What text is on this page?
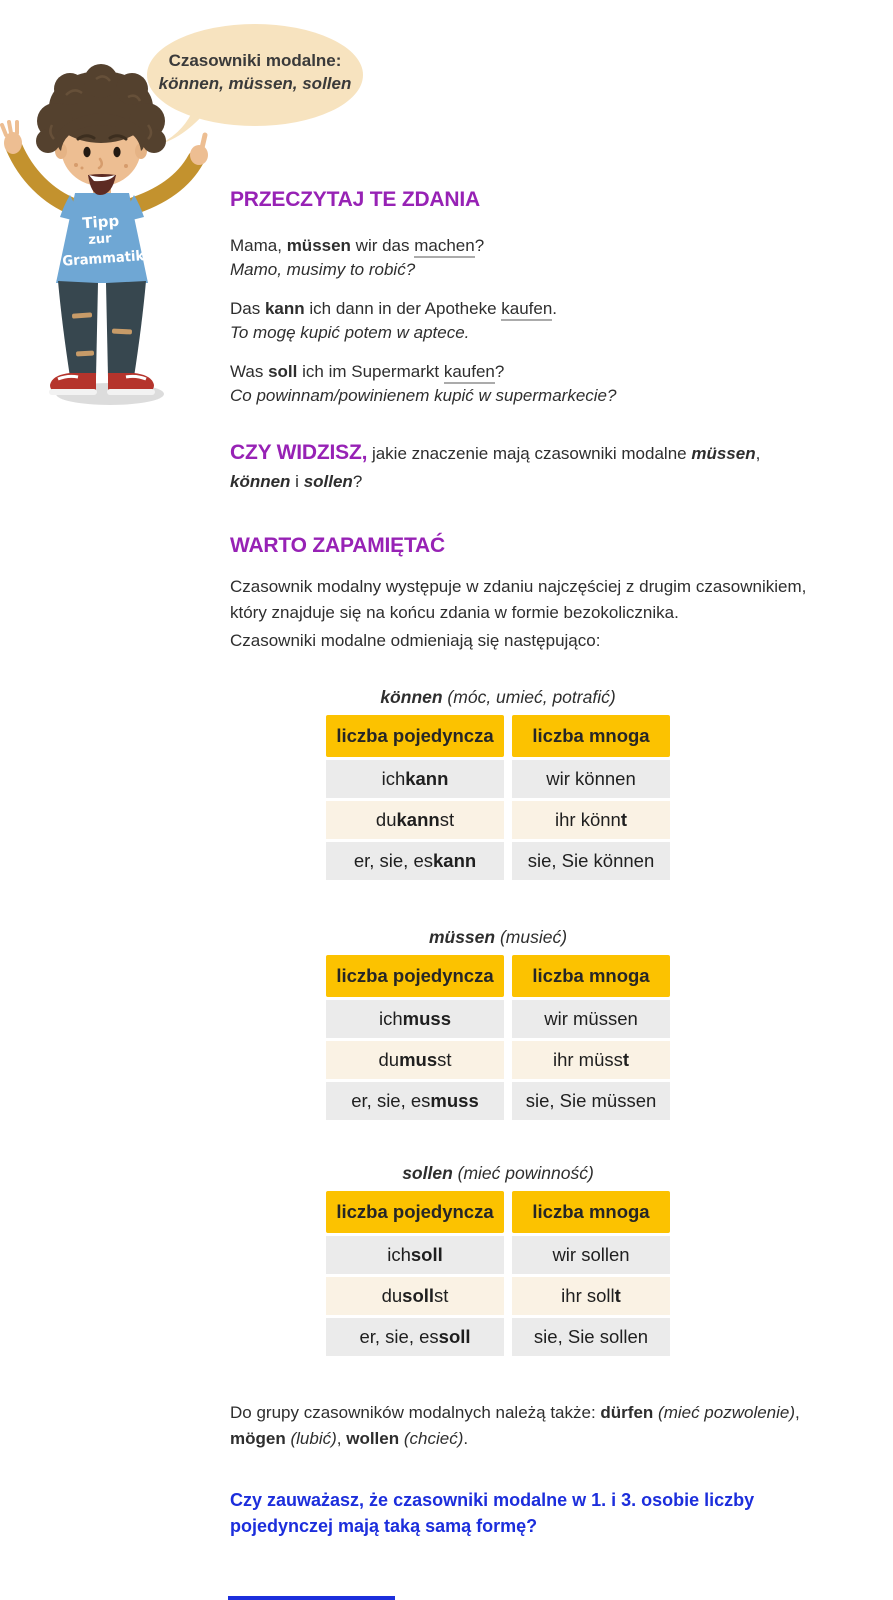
Czasowniki modalne:
können, müssen, sollen
Tipp
zur
Grammatik
PRZECZYTAJ TE ZDANIA
Mama, müssen wir das machen?
Mamo, musimy to robić?
Das kann ich dann in der Apotheke kaufen.
To mogę kupić potem w aptece.
Was soll ich im Supermarkt kaufen?
Co powinnam/powinienem kupić w supermarkecie?
CZY WIDZISZ, jakie znaczenie mają czasowniki modalne müssen,
können i sollen?
WARTO ZAPAMIĘTAĆ
Czasownik modalny występuje w zdaniu najczęściej z drugim czasownikiem,
który znajduje się na końcu zdania w formie bezokolicznika.
Czasowniki modalne odmieniają się następująco:
können (móc, umieć, potrafić)
liczba pojedyncza	liczba mnoga
ich kann	wir können
du kann st	ihr könn t
er, sie, es kann	sie, Sie können
müssen (musieć)
liczba pojedyncza	liczba mnoga
ich muss	wir müssen
du mus st	ihr müss t
er, sie, es muss	sie, Sie müssen
sollen (mieć powinność)
liczba pojedyncza	liczba mnoga
ich soll	wir sollen
du soll st	ihr soll t
er, sie, es soll	sie, Sie sollen
Do grupy czasowników modalnych należą także: dürfen (mieć pozwolenie),
mögen (lubić), wollen (chcieć).
Czy zauważasz, że czasowniki modalne w 1. i 3. osobie liczby
pojedynczej mają taką samą formę?
